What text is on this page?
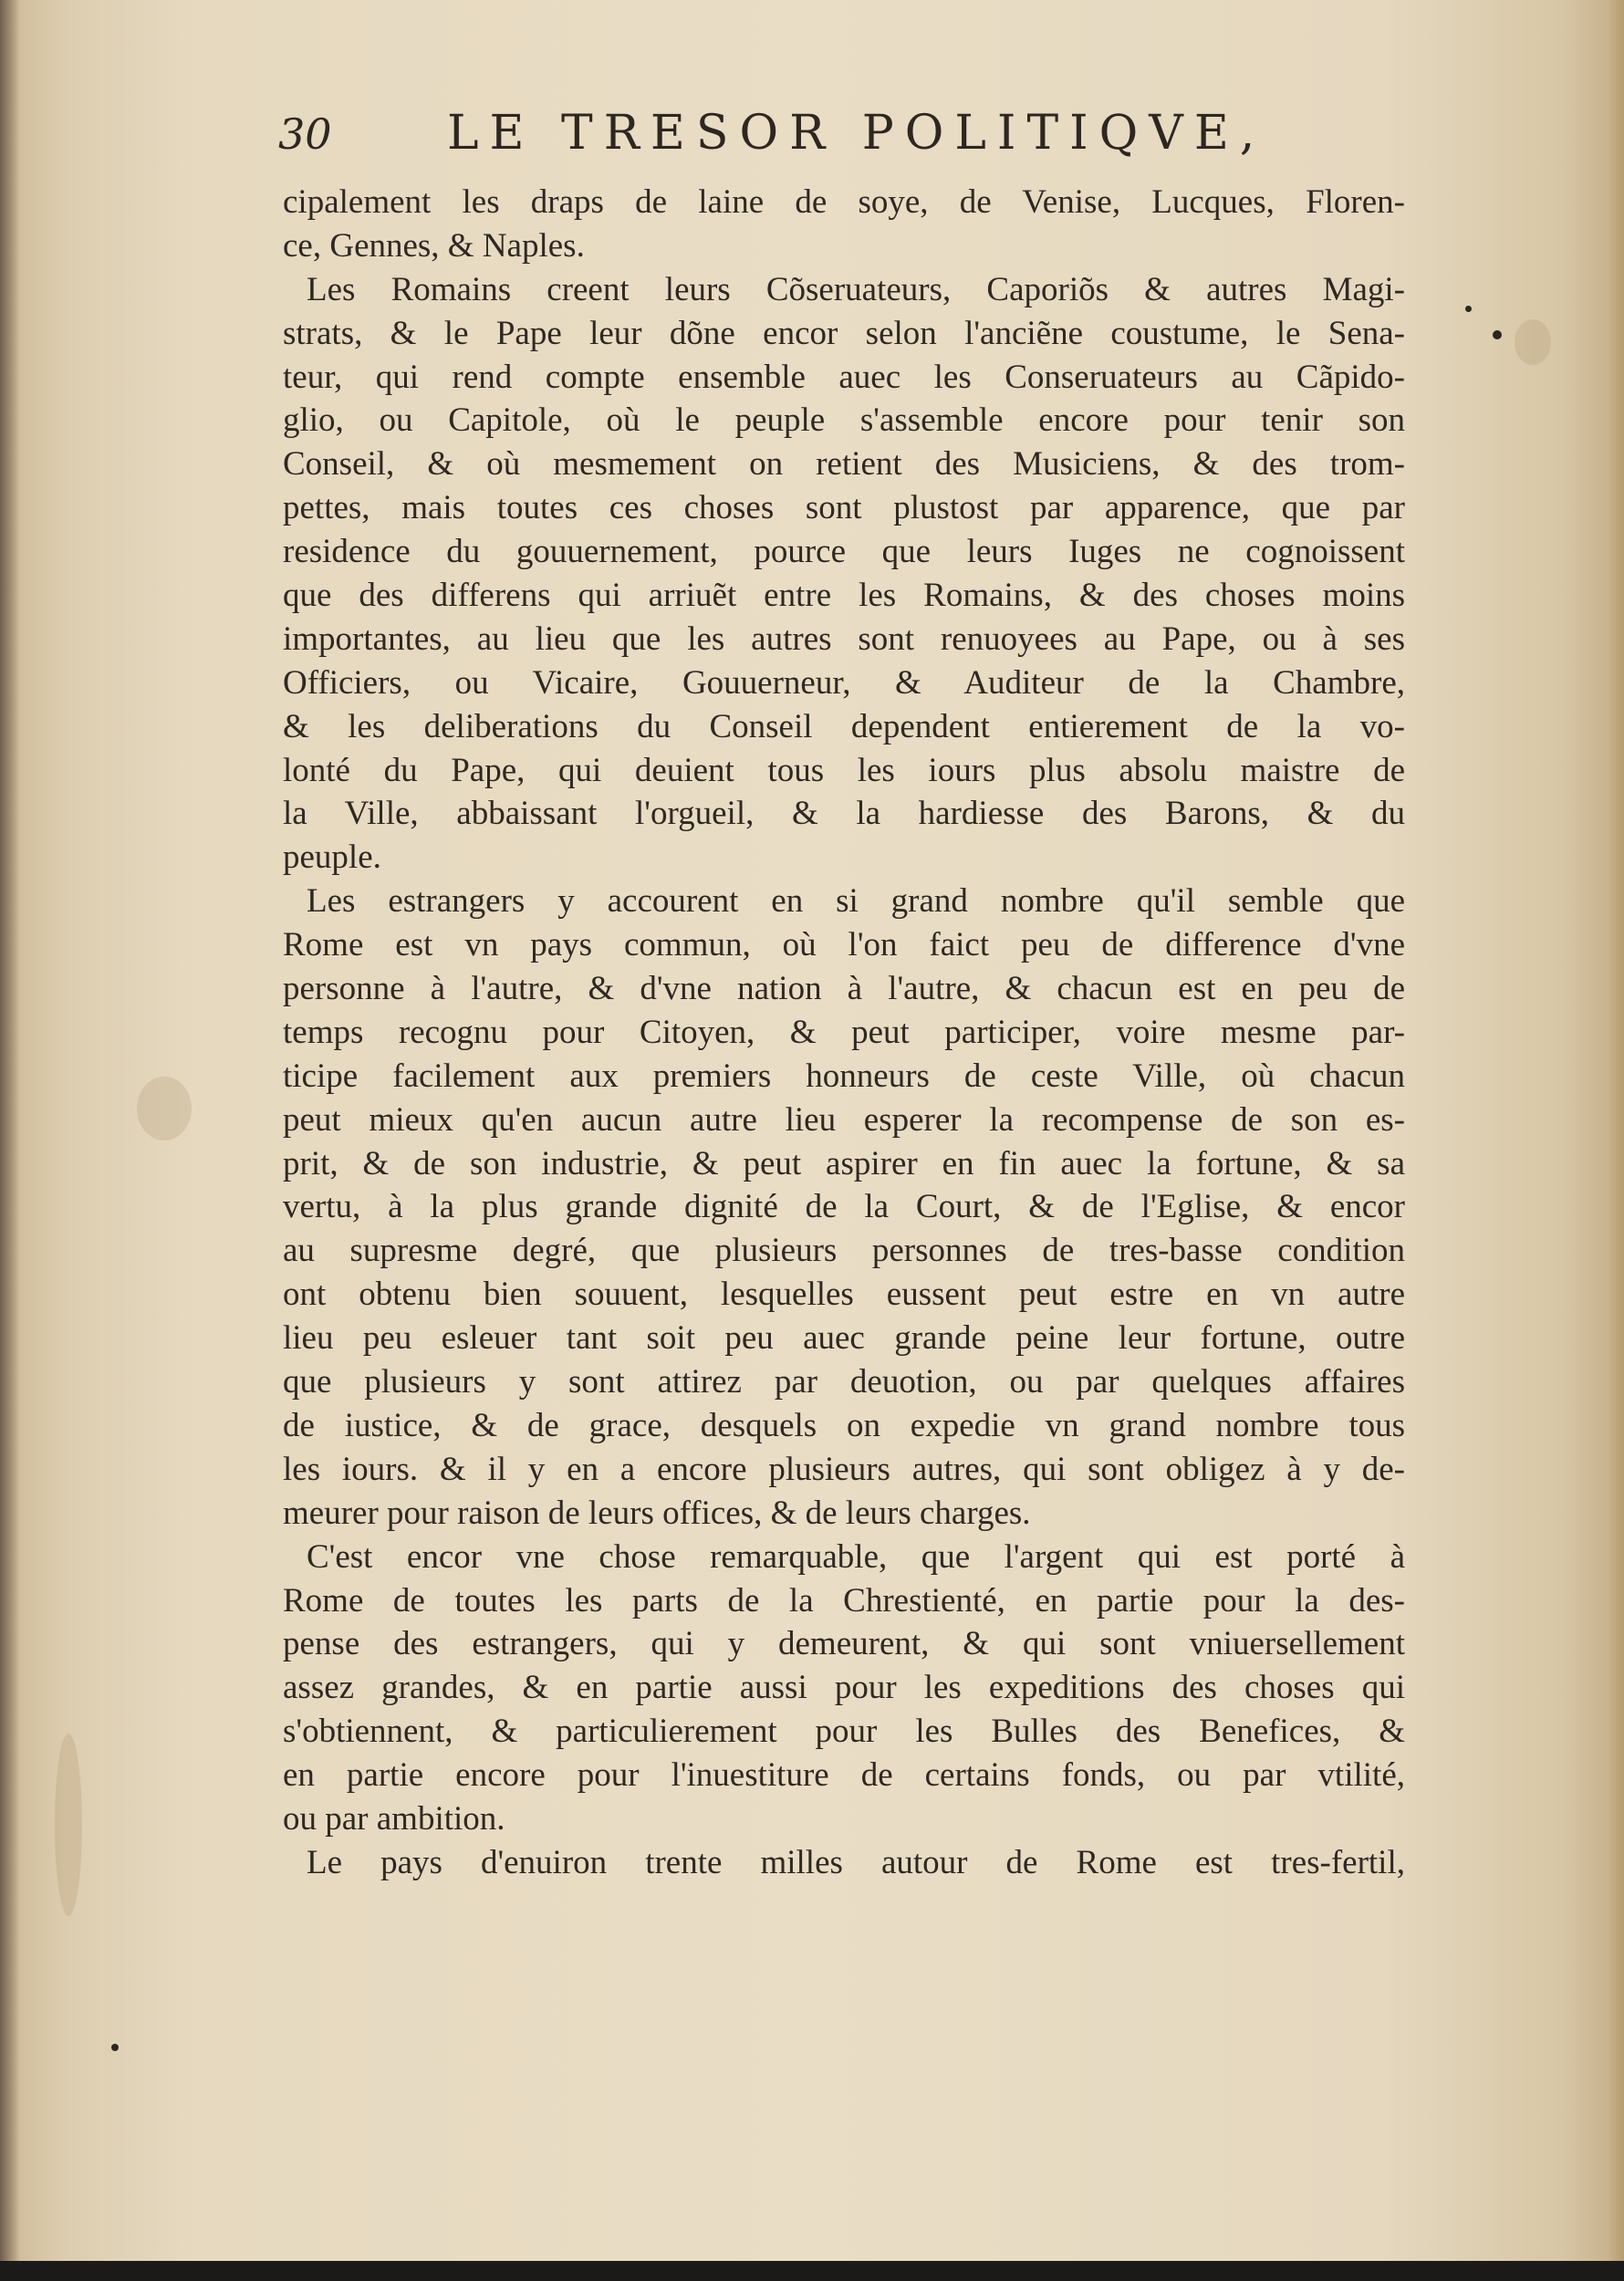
30 LE TRESOR POLITIQVE,
cipalement les draps de laine de soye, de Venise, Lucques, Floren-
ce, Gennes, & Naples.
Les Romains creent leurs Cõseruateurs, Caporiõs & autres Magi-
strats, & le Pape leur dõne encor selon l'anciẽne coustume, le Sena-
teur, qui rend compte ensemble auec les Conseruateurs au Cãpido-
glio, ou Capitole, où le peuple s'assemble encore pour tenir son
Conseil, & où mesmement on retient des Musiciens, & des trom-
pettes, mais toutes ces choses sont plustost par apparence, que par
residence du gouuernement, pource que leurs Iuges ne cognoissent
que des differens qui arriuẽt entre les Romains, & des choses moins
importantes, au lieu que les autres sont renuoyees au Pape, ou à ses
Officiers, ou Vicaire, Gouuerneur, & Auditeur de la Chambre,
& les deliberations du Conseil dependent entierement de la vo-
lonté du Pape, qui deuient tous les iours plus absolu maistre de
la Ville, abbaissant l'orgueil, & la hardiesse des Barons, & du
peuple.
Les estrangers y accourent en si grand nombre qu'il semble que
Rome est vn pays commun, où l'on faict peu de difference d'vne
personne à l'autre, & d'vne nation à l'autre, & chacun est en peu de
temps recognu pour Citoyen, & peut participer, voire mesme par-
ticipe facilement aux premiers honneurs de ceste Ville, où chacun
peut mieux qu'en aucun autre lieu esperer la recompense de son es-
prit, & de son industrie, & peut aspirer en fin auec la fortune, & sa
vertu, à la plus grande dignité de la Court, & de l'Eglise, & encor
au supresme degré, que plusieurs personnes de tres-basse condition
ont obtenu bien souuent, lesquelles eussent peut estre en vn autre
lieu peu esleuer tant soit peu auec grande peine leur fortune, outre
que plusieurs y sont attirez par deuotion, ou par quelques affaires
de iustice, & de grace, desquels on expedie vn grand nombre tous
les iours. & il y en a encore plusieurs autres, qui sont obligez à y de-
meurer pour raison de leurs offices, & de leurs charges.
C'est encor vne chose remarquable, que l'argent qui est porté à
Rome de toutes les parts de la Chrestienté, en partie pour la des-
pense des estrangers, qui y demeurent, & qui sont vniuersellement
assez grandes, & en partie aussi pour les expeditions des choses qui
s'obtiennent, & particulierement pour les Bulles des Benefices, &
en partie encore pour l'inuestiture de certains fonds, ou par vtilité,
ou par ambition.
Le pays d'enuiron trente milles autour de Rome est tres-fertil,
